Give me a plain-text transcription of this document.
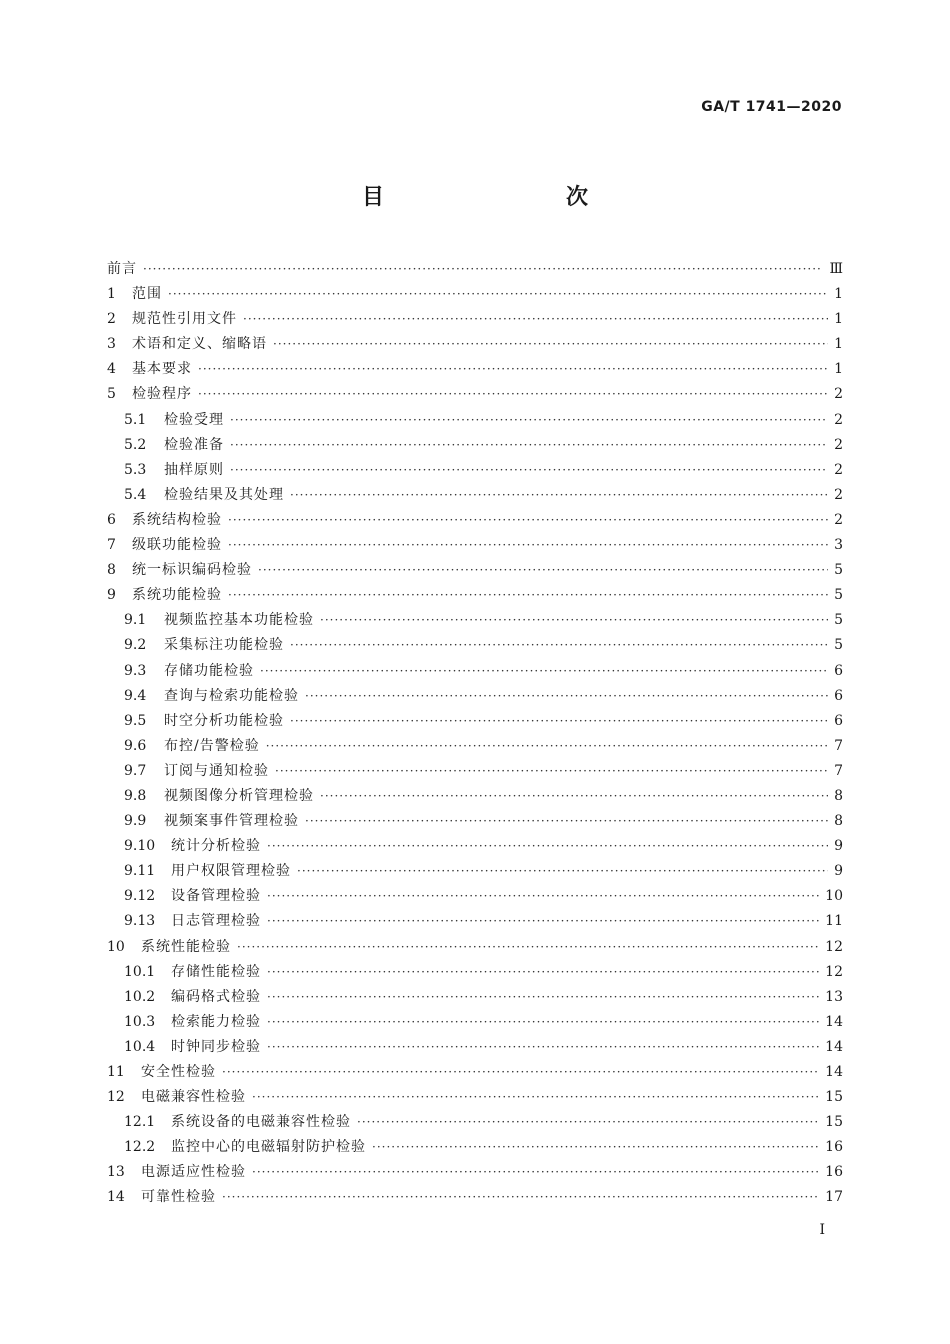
GA/T 1741—2020
目　　次
前言 ·····	Ⅲ
1	范围 ·····	1
2	规范性引用文件 ·····	1
3	术语和定义、缩略语 ·····	1
4	基本要求 ·····	1
5	检验程序 ·····	2
5.1	检验受理 ·····	2
5.2	检验准备 ·····	2
5.3	抽样原则 ·····	2
5.4	检验结果及其处理 ·····	2
6	系统结构检验 ·····	2
7	级联功能检验 ·····	3
8	统一标识编码检验 ·····	5
9	系统功能检验 ·····	5
9.1	视频监控基本功能检验 ·····	5
9.2	采集标注功能检验 ·····	5
9.3	存储功能检验 ·····	6
9.4	查询与检索功能检验 ·····	6
9.5	时空分析功能检验 ·····	6
9.6	布控/告警检验 ·····	7
9.7	订阅与通知检验 ·····	7
9.8	视频图像分析管理检验 ·····	8
9.9	视频案事件管理检验 ·····	8
9.10	统计分析检验 ·····	9
9.11	用户权限管理检验 ·····	9
9.12	设备管理检验 ·····	10
9.13	日志管理检验 ·····	11
10	系统性能检验 ·····	12
10.1	存储性能检验 ·····	12
10.2	编码格式检验 ·····	13
10.3	检索能力检验 ·····	14
10.4	时钟同步检验 ·····	14
11	安全性检验 ·····	14
12	电磁兼容性检验 ·····	15
12.1	系统设备的电磁兼容性检验 ·····	15
12.2	监控中心的电磁辐射防护检验 ·····	16
13	电源适应性检验 ·····	16
14	可靠性检验 ·····	17
I
